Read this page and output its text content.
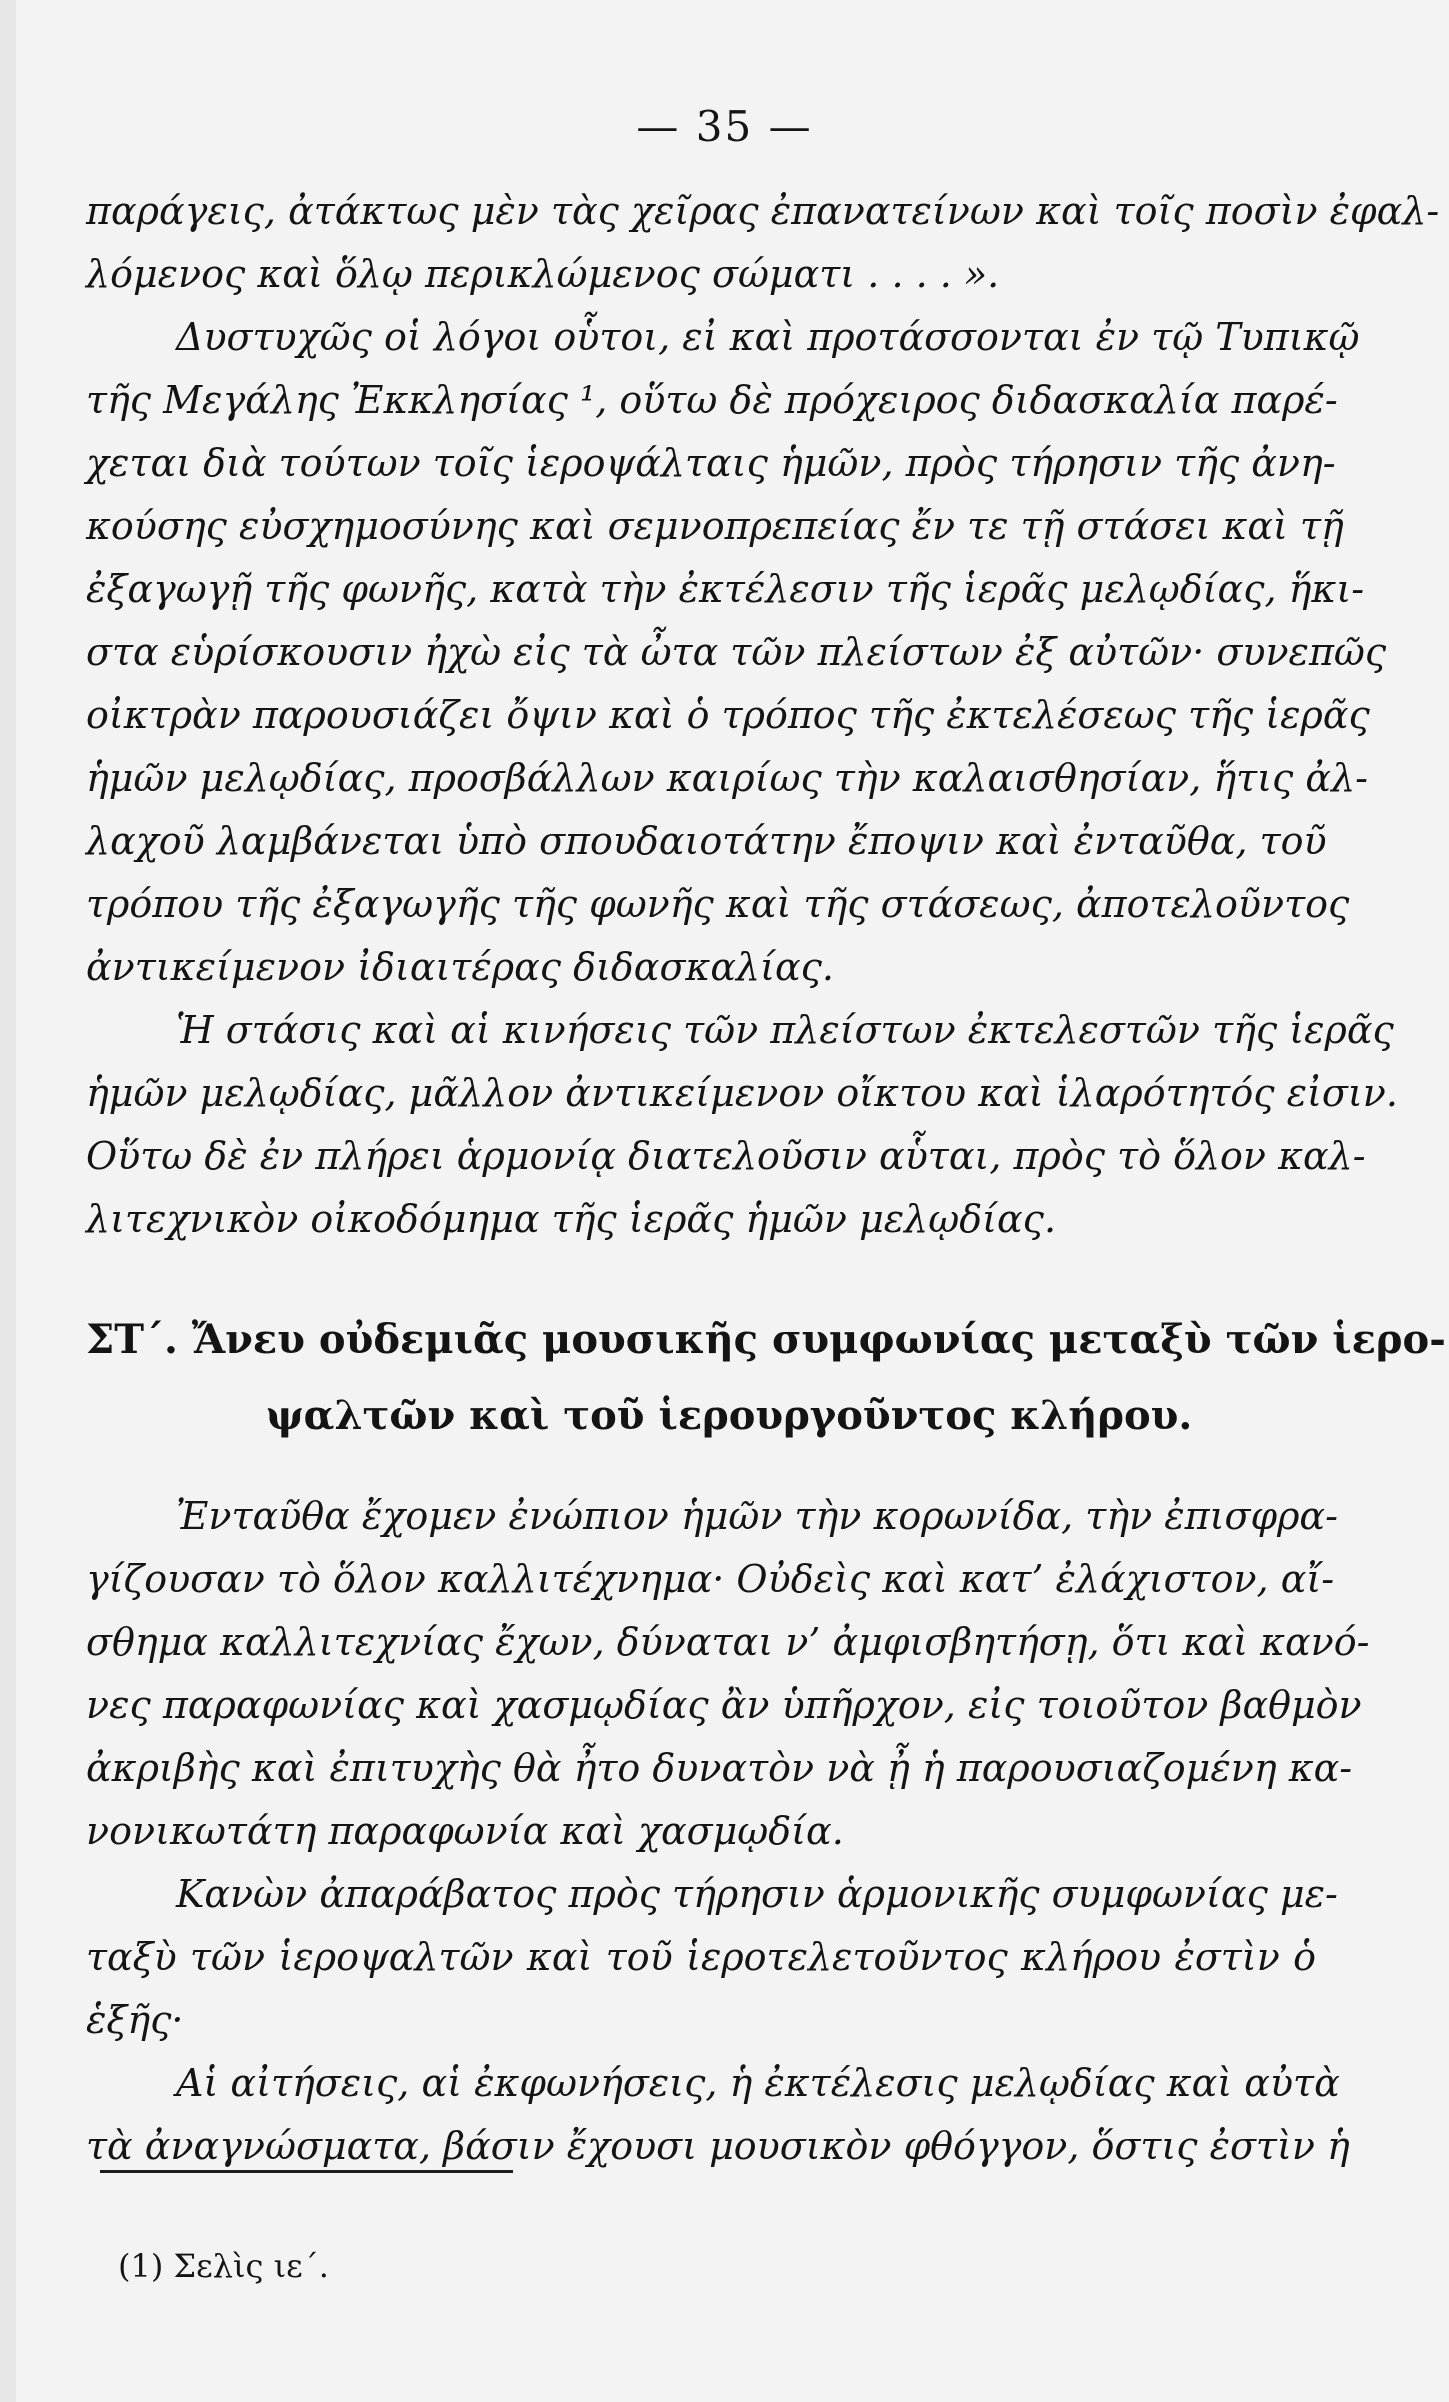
— 35 —
παράγεις, ἀτάκτως μὲν τὰς χεῖρας ἐπανατείνων καὶ τοῖς ποσὶν ἐφαλ-
λόμενος καὶ ὅλῳ περικλώμενος σώματι . . . . ».
Δυστυχῶς οἱ λόγοι οὗτοι, εἰ καὶ προτάσσονται ἐν τῷ Τυπικῷ
τῆς Μεγάλης Ἐκκλησίας ¹, οὕτω δὲ πρόχειρος διδασκαλία παρέ-
χεται διὰ τούτων τοῖς ἱεροψάλταις ἡμῶν, πρὸς τήρησιν τῆς ἀνη-
κούσης εὐσχημοσύνης καὶ σεμνοπρεπείας ἔν τε τῇ στάσει καὶ τῇ
ἐξαγωγῇ τῆς φωνῆς, κατὰ τὴν ἐκτέλεσιν τῆς ἱερᾶς μελῳδίας, ἥκι-
στα εὑρίσκουσιν ἠχὼ εἰς τὰ ὦτα τῶν πλείστων ἐξ αὐτῶν· συνεπῶς
οἰκτρὰν παρουσιάζει ὄψιν καὶ ὁ τρόπος τῆς ἐκτελέσεως τῆς ἱερᾶς
ἡμῶν μελῳδίας, προσβάλλων καιρίως τὴν καλαισθησίαν, ἥτις ἀλ-
λαχοῦ λαμβάνεται ὑπὸ σπουδαιοτάτην ἔποψιν καὶ ἐνταῦθα, τοῦ
τρόπου τῆς ἐξαγωγῆς τῆς φωνῆς καὶ τῆς στάσεως, ἀποτελοῦντος
ἀντικείμενον ἰδιαιτέρας διδασκαλίας.
Ἡ στάσις καὶ αἱ κινήσεις τῶν πλείστων ἐκτελεστῶν τῆς ἱερᾶς
ἡμῶν μελῳδίας, μᾶλλον ἀντικείμενον οἴκτου καὶ ἱλαρότητός εἰσιν.
Οὕτω δὲ ἐν πλήρει ἁρμονίᾳ διατελοῦσιν αὗται, πρὸς τὸ ὅλον καλ-
λιτεχνικὸν οἰκοδόμημα τῆς ἱερᾶς ἡμῶν μελῳδίας.
ΣΤ΄. Ἄνευ οὐδεμιᾶς μουσικῆς συμφωνίας μεταξὺ τῶν ἱερο-
ψαλτῶν καὶ τοῦ ἱερουργοῦντος κλήρου.
Ἐνταῦθα ἔχομεν ἐνώπιον ἡμῶν τὴν κορωνίδα, τὴν ἐπισφρα-
γίζουσαν τὸ ὅλον καλλιτέχνημα· Οὐδεὶς καὶ κατ’ ἐλάχιστον, αἴ-
σθημα καλλιτεχνίας ἔχων, δύναται ν’ ἀμφισβητήσῃ, ὅτι καὶ κανό-
νες παραφωνίας καὶ χασμῳδίας ἂν ὑπῆρχον, εἰς τοιοῦτον βαθμὸν
ἀκριβὴς καὶ ἐπιτυχὴς θὰ ἦτο δυνατὸν νὰ ᾖ ἡ παρουσιαζομένη κα-
νονικωτάτη παραφωνία καὶ χασμῳδία.
Κανὼν ἀπαράβατος πρὸς τήρησιν ἁρμονικῆς συμφωνίας με-
ταξὺ τῶν ἱεροψαλτῶν καὶ τοῦ ἱεροτελετοῦντος κλήρου ἐστὶν ὁ
ἑξῆς·
Αἱ αἰτήσεις, αἱ ἐκφωνήσεις, ἡ ἐκτέλεσις μελῳδίας καὶ αὐτὰ
τὰ ἀναγνώσματα, βάσιν ἔχουσι μουσικὸν φθόγγον, ὅστις ἐστὶν ἡ
(1) Σελὶς ιε΄.
